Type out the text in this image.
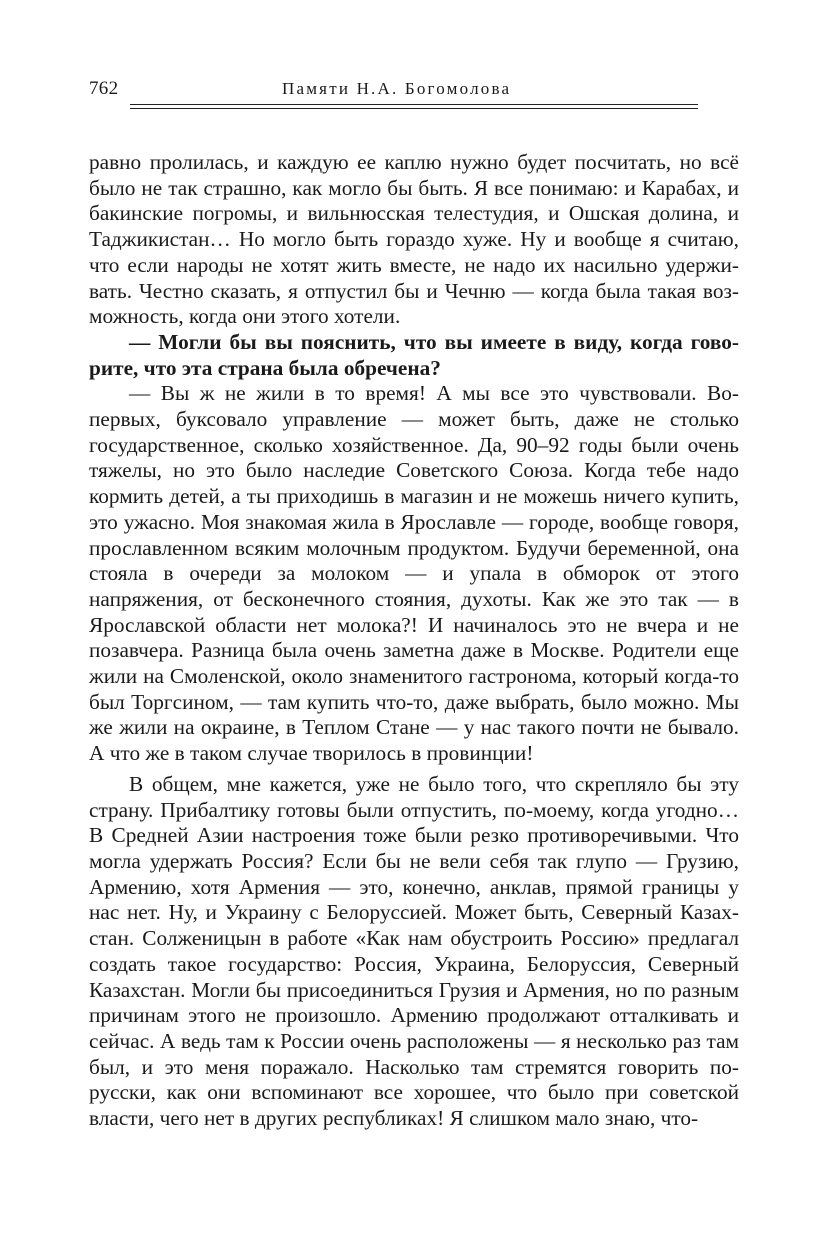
762	Памяти Н.А. Богомолова

равно пролилась, и каждую ее каплю нужно будет посчитать, но всё было не так страшно, как могло бы быть. Я все понимаю: и Карабах, и бакинские погромы, и вильнюсская телестудия, и Ошская долина, и Таджикистан… Но могло быть гораздо хуже. Ну и вообще я считаю, что если народы не хотят жить вместе, не надо их насильно удерживать. Честно сказать, я отпустил бы и Чечню — когда была такая возможность, когда они этого хотели.

— Могли бы вы пояснить, что вы имеете в виду, когда говорите, что эта страна была обречена?

— Вы ж не жили в то время! А мы все это чувствовали. Во-первых, буксовало управление — может быть, даже не столько государственное, сколько хозяйственное. Да, 90–92 годы были очень тяжелы, но это было наследие Советского Союза. Когда тебе надо кормить детей, а ты приходишь в магазин и не можешь ничего купить, это ужасно. Моя знакомая жила в Ярославле — городе, вообще говоря, прославленном всяким молочным продуктом. Будучи беременной, она стояла в очереди за молоком — и упала в обморок от этого напряжения, от бесконечного стояния, духоты. Как же это так — в Ярославской области нет молока?! И начиналось это не вчера и не позавчера. Разница была очень заметна даже в Москве. Родители еще жили на Смоленской, около знаменитого гастронома, который когда-то был Торгсином, — там купить что-то, даже выбрать, было можно. Мы же жили на окраине, в Теплом Стане — у нас такого почти не бывало. А что же в таком случае творилось в провинции!

В общем, мне кажется, уже не было того, что скрепляло бы эту страну. Прибалтику готовы были отпустить, по-моему, когда угодно… В Средней Азии настроения тоже были резко противоречивыми. Что могла удержать Россия? Если бы не вели себя так глупо — Грузию, Армению, хотя Армения — это, конечно, анклав, прямой границы у нас нет. Ну, и Украину с Белоруссией. Может быть, Северный Казахстан. Солженицын в работе «Как нам обустроить Россию» предлагал создать такое государство: Россия, Украина, Белоруссия, Северный Казахстан. Могли бы присоединиться Грузия и Армения, но по разным причинам этого не произошло. Армению продолжают отталкивать и сейчас. А ведь там к России очень расположены — я несколько раз там был, и это меня поражало. Насколько там стремятся говорить по-русски, как они вспоминают все хорошее, что было при советской власти, чего нет в других республиках! Я слишком мало знаю, что-
